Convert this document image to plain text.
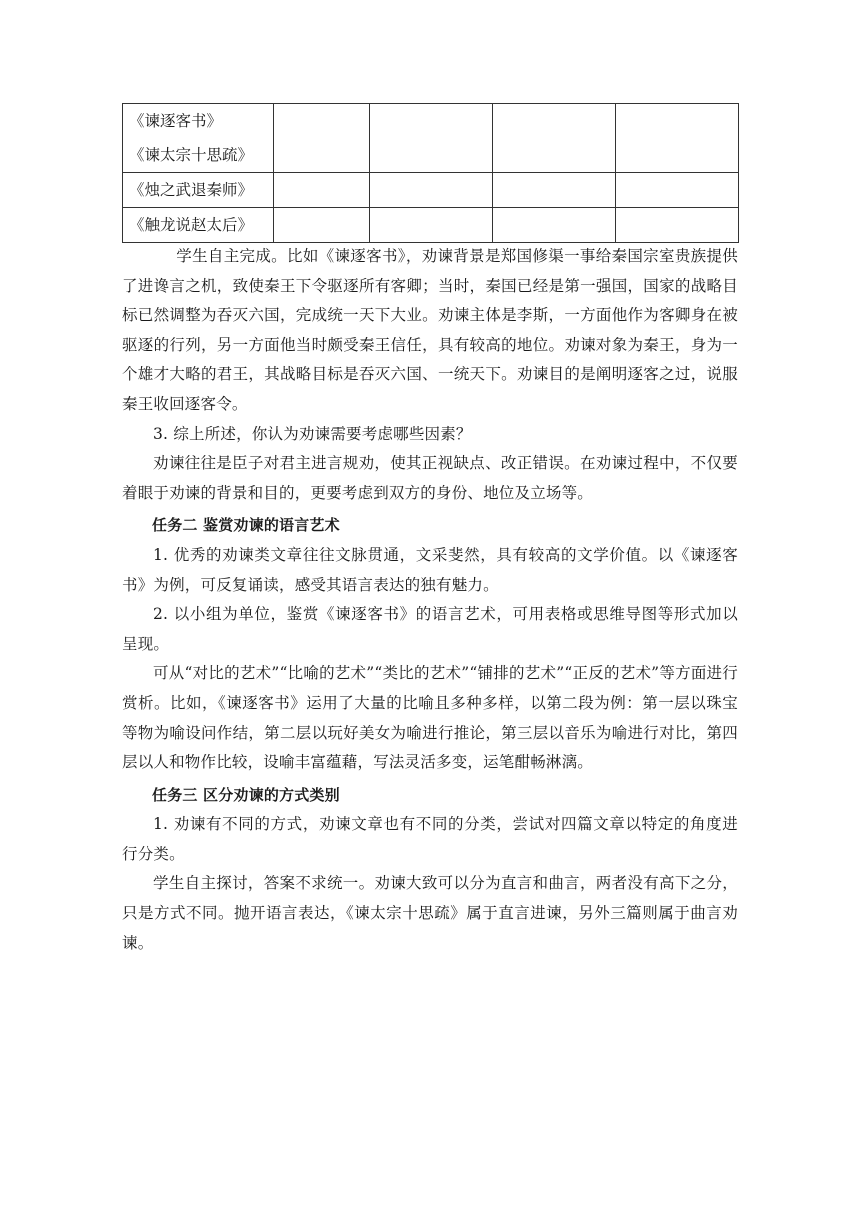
《谏逐客书》
《谏太宗十思疏》				

《烛之武退秦师》				

《触龙说赵太后》				

学生自主完成。比如《谏逐客书》，劝谏背景是郑国修渠一事给秦国宗室贵族提供了进谗言之机，致使秦王下令驱逐所有客卿；当时，秦国已经是第一强国，国家的战略目标已然调整为吞灭六国，完成统一天下大业。劝谏主体是李斯，一方面他作为客卿身在被驱逐的行列，另一方面他当时颇受秦王信任，具有较高的地位。劝谏对象为秦王，身为一个雄才大略的君王，其战略目标是吞灭六国、一统天下。劝谏目的是阐明逐客之过，说服秦王收回逐客令。

3. 综上所述，你认为劝谏需要考虑哪些因素？

劝谏往往是臣子对君主进言规劝，使其正视缺点、改正错误。在劝谏过程中，不仅要着眼于劝谏的背景和目的，更要考虑到双方的身份、地位及立场等。

任务二 鉴赏劝谏的语言艺术

1. 优秀的劝谏类文章往往文脉贯通，文采斐然，具有较高的文学价值。以《谏逐客书》为例，可反复诵读，感受其语言表达的独有魅力。

2. 以小组为单位，鉴赏《谏逐客书》的语言艺术，可用表格或思维导图等形式加以呈现。

可从“对比的艺术”“比喻的艺术”“类比的艺术”“铺排的艺术”“正反的艺术”等方面进行赏析。比如，《谏逐客书》运用了大量的比喻且多种多样，以第二段为例：第一层以珠宝等物为喻设问作结，第二层以玩好美女为喻进行推论，第三层以音乐为喻进行对比，第四层以人和物作比较，设喻丰富蕴藉，写法灵活多变，运笔酣畅淋漓。

任务三 区分劝谏的方式类别

1. 劝谏有不同的方式，劝谏文章也有不同的分类，尝试对四篇文章以特定的角度进行分类。

学生自主探讨，答案不求统一。劝谏大致可以分为直言和曲言，两者没有高下之分，只是方式不同。抛开语言表达，《谏太宗十思疏》属于直言进谏，另外三篇则属于曲言劝谏。
